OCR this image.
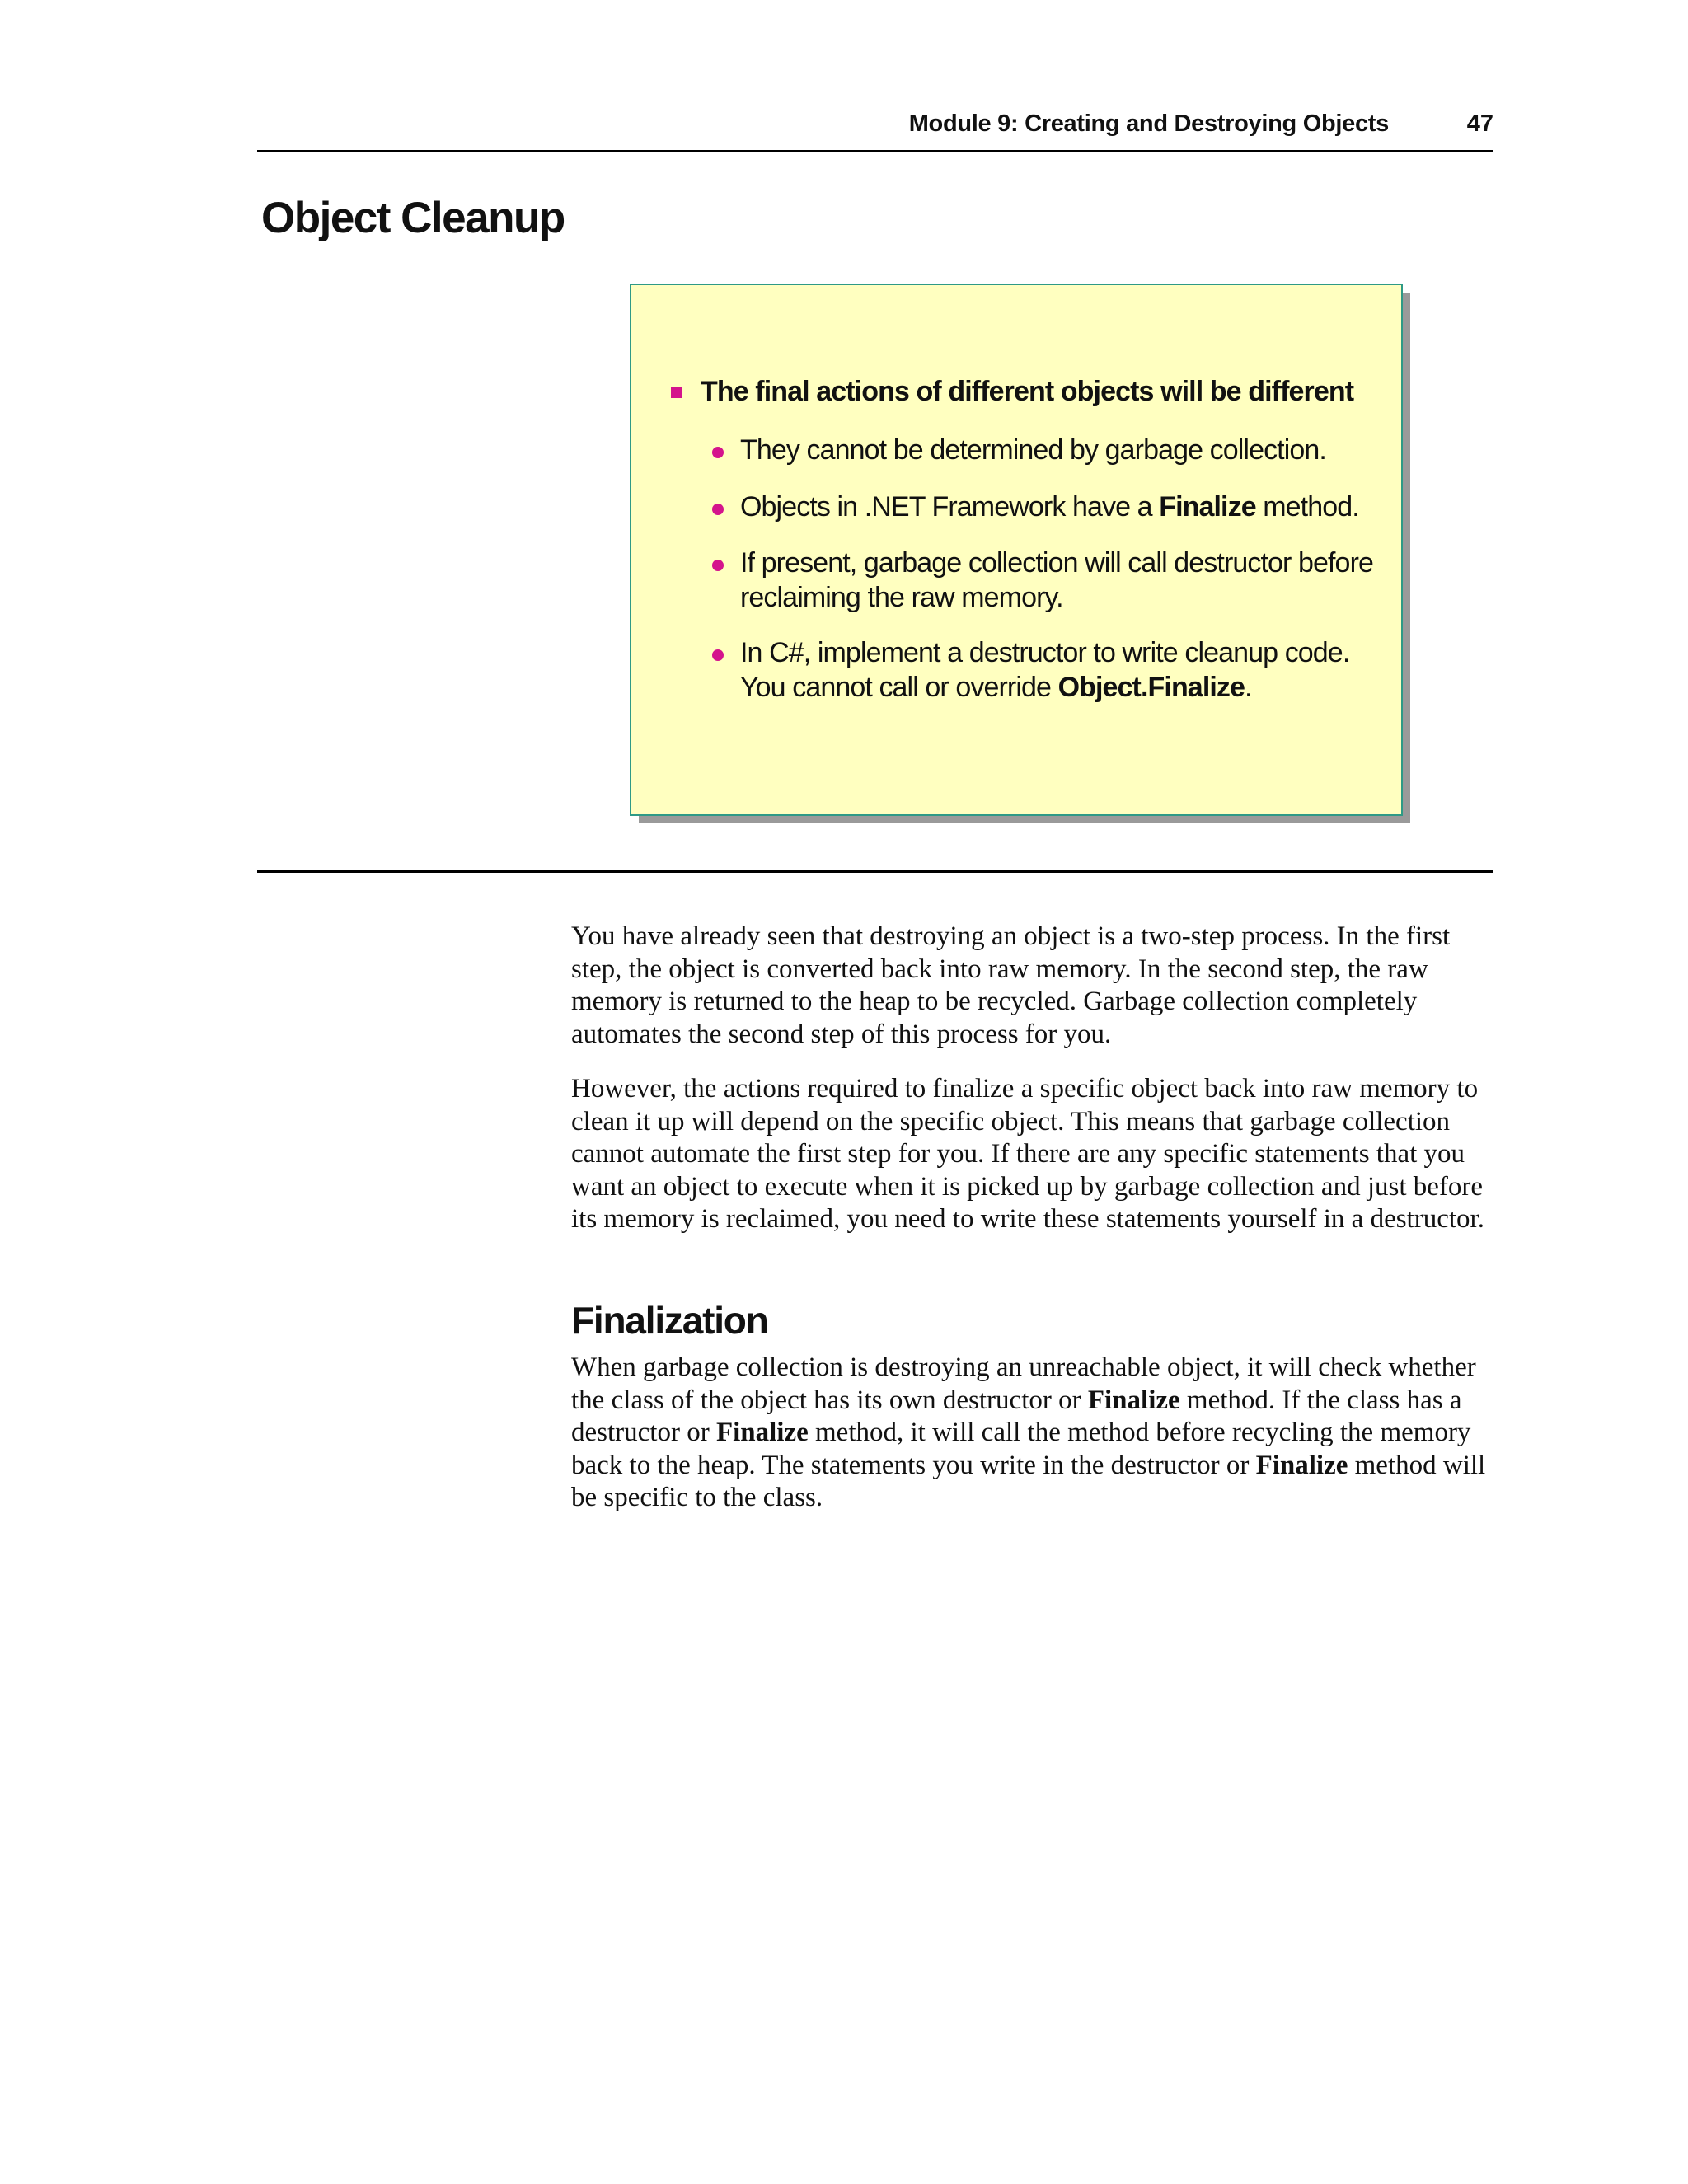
Module 9: Creating and Destroying Objects	47
Object Cleanup
The final actions of different objects will be different
They cannot be determined by garbage collection.
Objects in .NET Framework have a Finalize method.
If present, garbage collection will call destructor before reclaiming the raw memory.
In C#, implement a destructor to write cleanup code. You cannot call or override Object.Finalize.

You have already seen that destroying an object is a two-step process. In the first step, the object is converted back into raw memory. In the second step, the raw memory is returned to the heap to be recycled. Garbage collection completely automates the second step of this process for you.

However, the actions required to finalize a specific object back into raw memory to clean it up will depend on the specific object. This means that garbage collection cannot automate the first step for you. If there are any specific statements that you want an object to execute when it is picked up by garbage collection and just before its memory is reclaimed, you need to write these statements yourself in a destructor.

Finalization

When garbage collection is destroying an unreachable object, it will check whether the class of the object has its own destructor or Finalize method. If the class has a destructor or Finalize method, it will call the method before recycling the memory back to the heap. The statements you write in the destructor or Finalize method will be specific to the class.
